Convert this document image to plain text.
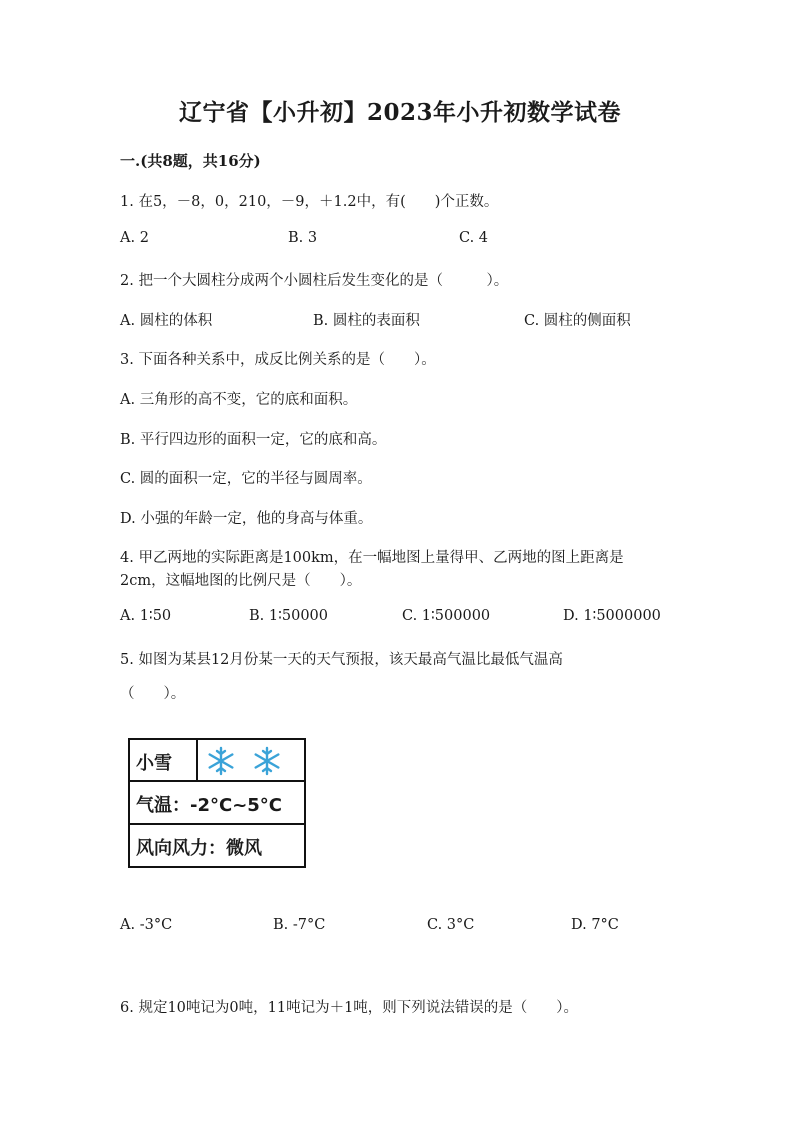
辽宁省【小升初】2023年小升初数学试卷
一.(共8题，共16分)
1. 在5，－8，0，210，－9，＋1.2中，有(　　)个正数。
A. 2	B. 3	C. 4
2. 把一个大圆柱分成两个小圆柱后发生变化的是（　　　）。
A. 圆柱的体积	B. 圆柱的表面积	C. 圆柱的侧面积
3. 下面各种关系中，成反比例关系的是（　　）。
A. 三角形的高不变，它的底和面积。
B. 平行四边形的面积一定，它的底和高。
C. 圆的面积一定，它的半径与圆周率。
D. 小强的年龄一定，他的身高与体重。
4. 甲乙两地的实际距离是100km，在一幅地图上量得甲、乙两地的图上距离是
2cm，这幅地图的比例尺是（　　）。
A. 1∶50	B. 1∶50000	C. 1∶500000	D. 1∶5000000
5. 如图为某县12月份某一天的天气预报，该天最高气温比最低气温高
（　　）。
小雪
气温：-2°C~5°C
风向风力：微风
A. -3°C	B. -7°C	C. 3°C	D. 7°C
6. 规定10吨记为0吨，11吨记为＋1吨，则下列说法错误的是（　　）。
